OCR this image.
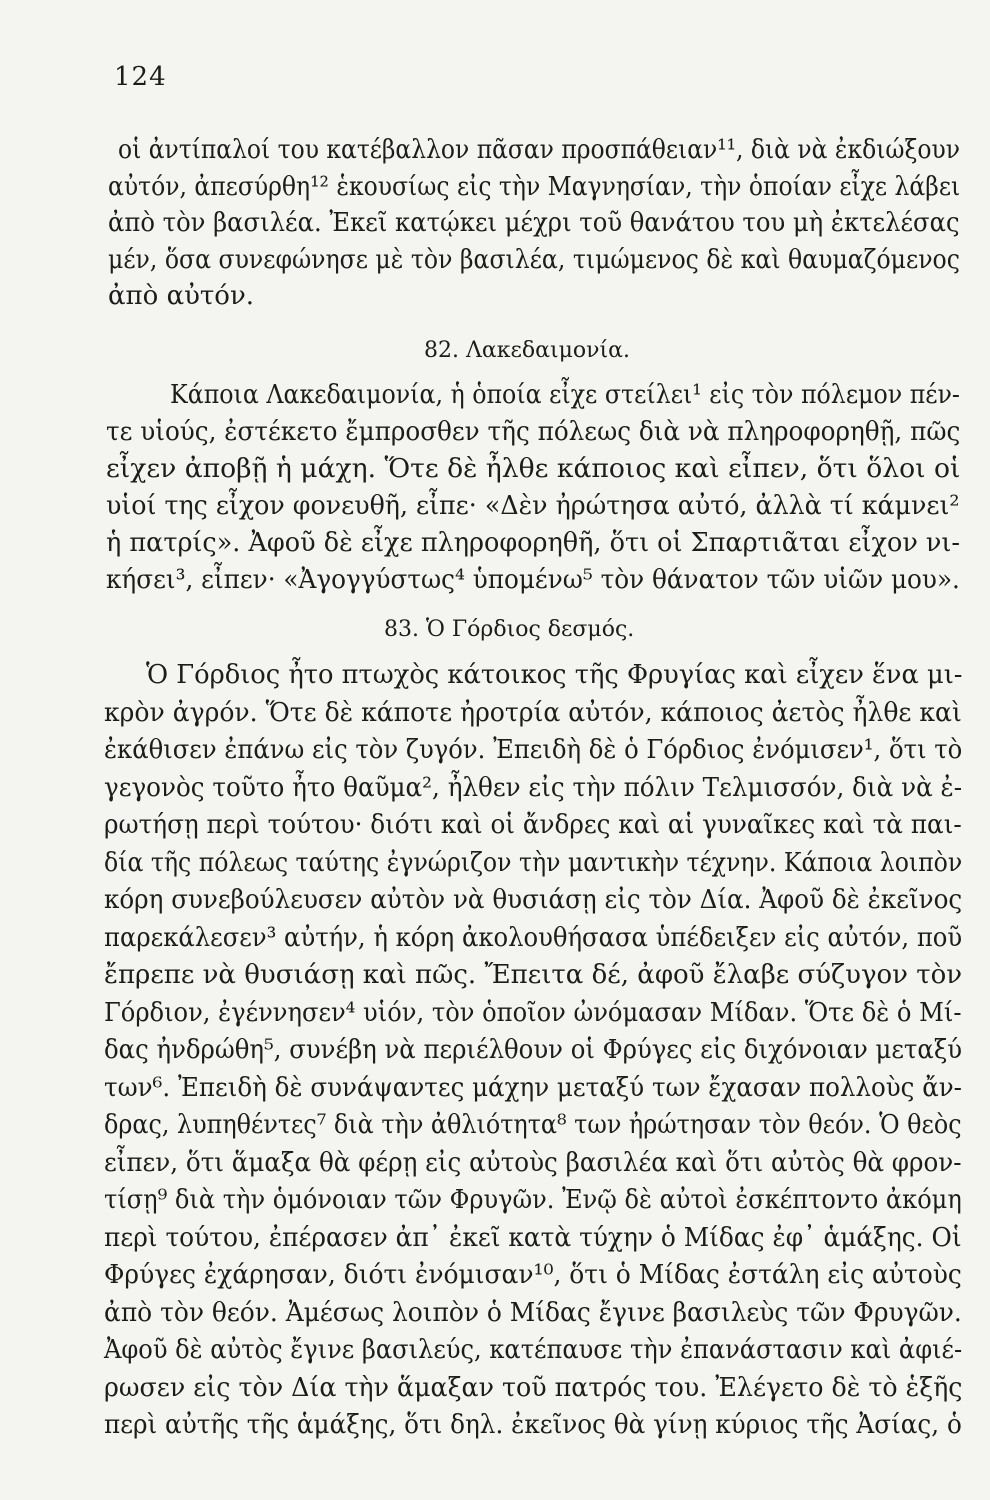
124
οἱ ἀντίπαλοί του κατέβαλλον πᾶσαν προσπάθειαν¹¹, διὰ νὰ ἐκδιώξουν
αὐτόν, ἀπεσύρθη¹² ἑκουσίως εἰς τὴν Μαγνησίαν, τὴν ὁποίαν εἶχε λάβει
ἀπὸ τὸν βασιλέα. Ἐκεῖ κατῴκει μέχρι τοῦ θανάτου του μὴ ἐκτελέσας
μέν, ὅσα συνεφώνησε μὲ τὸν βασιλέα, τιμώμενος δὲ καὶ θαυμαζόμενος
ἀπὸ αὐτόν.
82. Λακεδαιμονία.
Κάποια Λακεδαιμονία, ἡ ὁποία εἶχε στείλει¹ εἰς τὸν πόλεμον πέν-
τε υἱούς, ἐστέκετο ἔμπροσθεν τῆς πόλεως διὰ νὰ πληροφορηθῇ, πῶς
εἶχεν ἀποβῇ ἡ μάχη. Ὅτε δὲ ἦλθε κάποιος καὶ εἶπεν, ὅτι ὅλοι οἱ
υἱοί της εἶχον φονευθῆ, εἶπε· «Δὲν ἠρώτησα αὐτό, ἀλλὰ τί κάμνει²
ἡ πατρίς». Ἀφοῦ δὲ εἶχε πληροφορηθῆ, ὅτι οἱ Σπαρτιᾶται εἶχον νι-
κήσει³, εἶπεν· «Ἀγογγύστως⁴ ὑπομένω⁵ τὸν θάνατον τῶν υἱῶν μου».
83. Ὁ Γόρδιος δεσμός.
Ὁ Γόρδιος ἦτο πτωχὸς κάτοικος τῆς Φρυγίας καὶ εἶχεν ἕνα μι-
κρὸν ἀγρόν. Ὅτε δὲ κάποτε ἠροτρία αὐτόν, κάποιος ἀετὸς ἦλθε καὶ
ἐκάθισεν ἐπάνω εἰς τὸν ζυγόν. Ἐπειδὴ δὲ ὁ Γόρδιος ἐνόμισεν¹, ὅτι τὸ
γεγονὸς τοῦτο ἦτο θαῦμα², ἦλθεν εἰς τὴν πόλιν Τελμισσόν, διὰ νὰ ἐ-
ρωτήσῃ περὶ τούτου· διότι καὶ οἱ ἄνδρες καὶ αἱ γυναῖκες καὶ τὰ παι-
δία τῆς πόλεως ταύτης ἐγνώριζον τὴν μαντικὴν τέχνην. Κάποια λοιπὸν
κόρη συνεβούλευσεν αὐτὸν νὰ θυσιάσῃ εἰς τὸν Δία. Ἀφοῦ δὲ ἐκεῖνος
παρεκάλεσεν³ αὐτήν, ἡ κόρη ἀκολουθήσασα ὑπέδειξεν εἰς αὐτόν, ποῦ
ἔπρεπε νὰ θυσιάσῃ καὶ πῶς. Ἔπειτα δέ, ἀφοῦ ἔλαβε σύζυγον τὸν
Γόρδιον, ἐγέννησεν⁴ υἱόν, τὸν ὁποῖον ὠνόμασαν Μίδαν. Ὅτε δὲ ὁ Μί-
δας ἠνδρώθη⁵, συνέβη νὰ περιέλθουν οἱ Φρύγες εἰς διχόνοιαν μεταξύ
των⁶. Ἐπειδὴ δὲ συνάψαντες μάχην μεταξύ των ἔχασαν πολλοὺς ἄν-
δρας, λυπηθέντες⁷ διὰ τὴν ἀθλιότητα⁸ των ἠρώτησαν τὸν θεόν. Ὁ θεὸς
εἶπεν, ὅτι ἅμαξα θὰ φέρῃ εἰς αὐτοὺς βασιλέα καὶ ὅτι αὐτὸς θὰ φρον-
τίσῃ⁹ διὰ τὴν ὁμόνοιαν τῶν Φρυγῶν. Ἐνῷ δὲ αὐτοὶ ἐσκέπτοντο ἀκόμη
περὶ τούτου, ἐπέρασεν ἀπ᾿ ἐκεῖ κατὰ τύχην ὁ Μίδας ἐφ᾿ ἁμάξης. Οἱ
Φρύγες ἐχάρησαν, διότι ἐνόμισαν¹⁰, ὅτι ὁ Μίδας ἐστάλη εἰς αὐτοὺς
ἀπὸ τὸν θεόν. Ἀμέσως λοιπὸν ὁ Μίδας ἔγινε βασιλεὺς τῶν Φρυγῶν.
Ἀφοῦ δὲ αὐτὸς ἔγινε βασιλεύς, κατέπαυσε τὴν ἐπανάστασιν καὶ ἀφιέ-
ρωσεν εἰς τὸν Δία τὴν ἅμαξαν τοῦ πατρός του. Ἐλέγετο δὲ τὸ ἑξῆς
περὶ αὐτῆς τῆς ἁμάξης, ὅτι δηλ. ἐκεῖνος θὰ γίνῃ κύριος τῆς Ἀσίας, ὁ
